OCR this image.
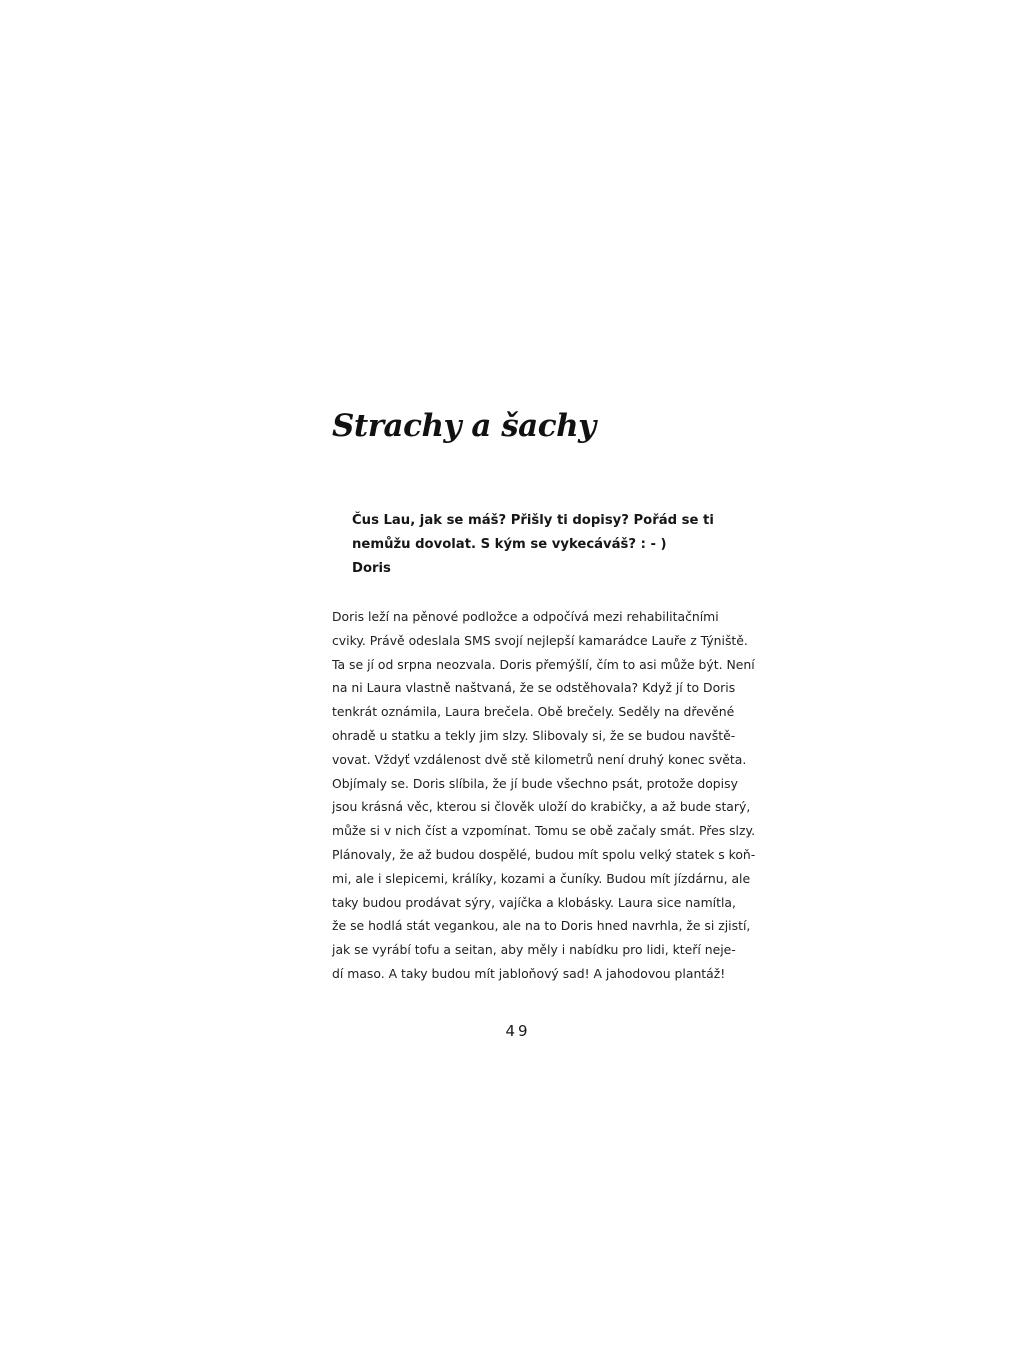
Strachy a šachy
Čus Lau, jak se máš? Přišly ti dopisy? Pořád se ti
nemůžu dovolat. S kým se vykecáváš? : - )
Doris
Doris leží na pěnové podložce a odpočívá mezi rehabilitačními
cviky. Právě odeslala SMS svojí nejlepší kamarádce Lauře z Týniště.
Ta se jí od srpna neozvala. Doris přemýšlí, čím to asi může být. Není
na ni Laura vlastně naštvaná, že se odstěhovala? Když jí to Doris
tenkrát oznámila, Laura brečela. Obě brečely. Seděly na dřevěné
ohradě u statku a tekly jim slzy. Slibovaly si, že se budou navště-
vovat. Vždyť vzdálenost dvě stě kilometrů není druhý konec světa.
Objímaly se. Doris slíbila, že jí bude všechno psát, protože dopisy
jsou krásná věc, kterou si člověk uloží do krabičky, a až bude starý,
může si v nich číst a vzpomínat. Tomu se obě začaly smát. Přes slzy.
Plánovaly, že až budou dospělé, budou mít spolu velký statek s koň-
mi, ale i slepicemi, králíky, kozami a čuníky. Budou mít jízdárnu, ale
taky budou prodávat sýry, vajíčka a klobásky. Laura sice namítla,
že se hodlá stát vegankou, ale na to Doris hned navrhla, že si zjistí,
jak se vyrábí tofu a seitan, aby měly i nabídku pro lidi, kteří neje-
dí maso. A taky budou mít jabloňový sad! A jahodovou plantáž!
49
